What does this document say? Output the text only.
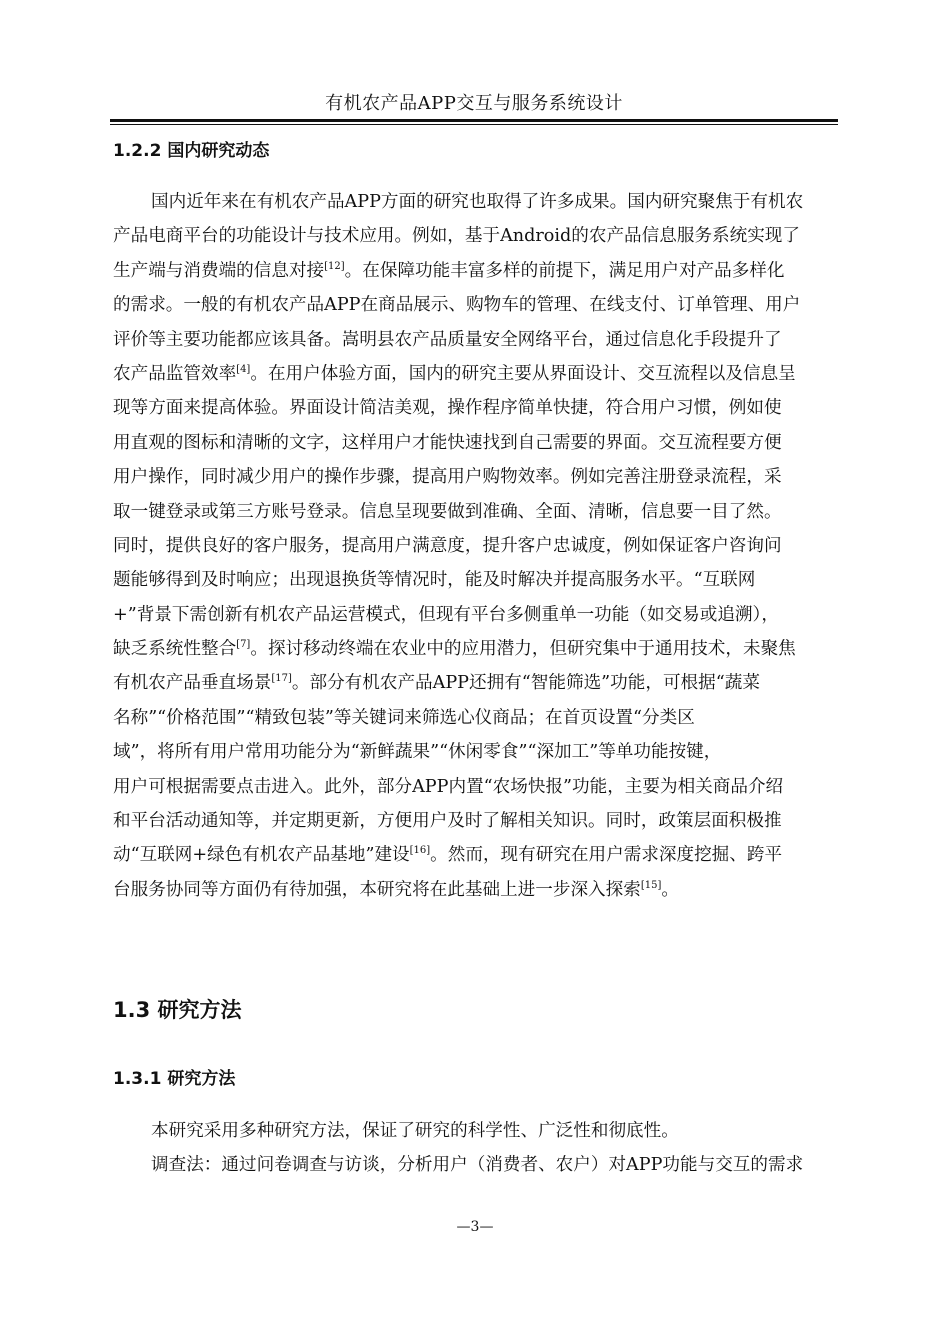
有机农产品APP交互与服务系统设计
1.2.2 国内研究动态
国内近年来在有机农产品APP方面的研究也取得了许多成果。国内研究聚焦于有机农
产品电商平台的功能设计与技术应用。例如，基于Android的农产品信息服务系统实现了
生产端与消费端的信息对接[12]。在保障功能丰富多样的前提下，满足用户对产品多样化
的需求。一般的有机农产品APP在商品展示、购物车的管理、在线支付、订单管理、用户
评价等主要功能都应该具备。嵩明县农产品质量安全网络平台，通过信息化手段提升了
农产品监管效率[4]。在用户体验方面，国内的研究主要从界面设计、交互流程以及信息呈
现等方面来提高体验。界面设计简洁美观，操作程序简单快捷，符合用户习惯，例如使
用直观的图标和清晰的文字，这样用户才能快速找到自己需要的界面。交互流程要方便
用户操作，同时减少用户的操作步骤，提高用户购物效率。例如完善注册登录流程，采
取一键登录或第三方账号登录。信息呈现要做到准确、全面、清晰，信息要一目了然。
同时，提供良好的客户服务，提高用户满意度，提升客户忠诚度，例如保证客户咨询问
题能够得到及时响应；出现退换货等情况时，能及时解决并提高服务水平。“互联网
+”背景下需创新有机农产品运营模式，但现有平台多侧重单一功能（如交易或追溯），
缺乏系统性整合[7]。探讨移动终端在农业中的应用潜力，但研究集中于通用技术，未聚焦
有机农产品垂直场景[17]。部分有机农产品APP还拥有“智能筛选”功能，可根据“蔬菜
名称”“价格范围”“精致包装”等关键词来筛选心仪商品；在首页设置“分类区
域”，将所有用户常用功能分为“新鲜蔬果”“休闲零食”“深加工”等单功能按键，
用户可根据需要点击进入。此外，部分APP内置“农场快报”功能，主要为相关商品介绍
和平台活动通知等，并定期更新，方便用户及时了解相关知识。同时，政策层面积极推
动“互联网+绿色有机农产品基地”建设[16]。然而，现有研究在用户需求深度挖掘、跨平
台服务协同等方面仍有待加强，本研究将在此基础上进一步深入探索[15]。
1.3 研究方法
1.3.1 研究方法
本研究采用多种研究方法，保证了研究的科学性、广泛性和彻底性。
调查法：通过问卷调查与访谈，分析用户（消费者、农户）对APP功能与交互的需求
—3—
